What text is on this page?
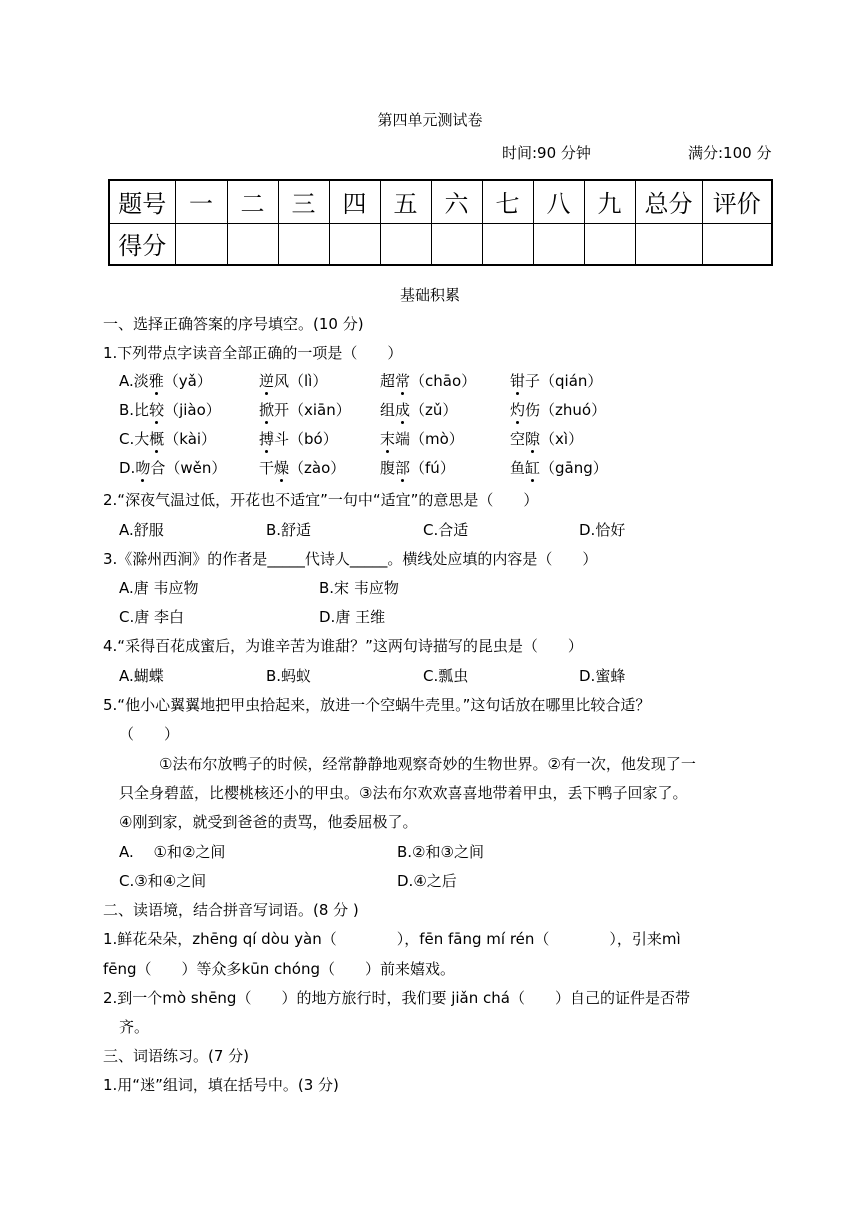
第四单元测试卷
时间:90 分钟	满分:100 分
题号	一	二	三	四	五	六	七	八	九	总分	评价
得分											
基础积累
一、选择正确答案的序号填空。(10 分)
1.下列带点字读音全部正确的一项是（　　）
A.淡雅（yǎ）	逆风（lì）	超常（chāo） 钳子（qián）
B.比较（jiào）	掀开（xiān） 组成（zǔ）	灼伤（zhuó）
C.大概（kài）	搏斗（bó）	末端（mò）	空隙（xì）
D.吻合（wěn） 干燥（zào） 腹部（fú）	鱼缸（gāng）
2.“深夜气温过低，开花也不适宜”一句中“适宜”的意思是（　　）
A.舒服	B.舒适	C.合适	D.恰好
3.《滁州西涧》的作者是_____代诗人_____。横线处应填的内容是（　　）
A.唐 韦应物	B.宋 韦应物
C.唐 李白	D.唐 王维
4.“采得百花成蜜后，为谁辛苦为谁甜？”这两句诗描写的昆虫是（　　）
A.蝴蝶	B.蚂蚁	C.瓢虫	D.蜜蜂
5.“他小心翼翼地把甲虫拾起来，放进一个空蜗牛壳里。”这句话放在哪里比较合适？
（　　）
①法布尔放鸭子的时候，经常静静地观察奇妙的生物世界。②有一次，他发现了一
只全身碧蓝，比樱桃核还小的甲虫。③法布尔欢欢喜喜地带着甲虫，丢下鸭子回家了。
④刚到家，就受到爸爸的责骂，他委屈极了。
A.　 ①和②之间	B.②和③之间
C.③和④之间	D.④之后
二、读语境，结合拼音写词语。(8 分 )
1.鲜花朵朵，zhēng qí dòu yàn（　　　　），fēn fāng mí rén（　　　　），引来mì
fēng（　　）等众多kūn chóng（　　）前来嬉戏。
2.到一个mò shēng（　　）的地方旅行时，我们要 jiǎn chá（　　）自己的证件是否带
齐。
三、词语练习。(7 分)
1.用“迷”组词，填在括号中。(3 分)
